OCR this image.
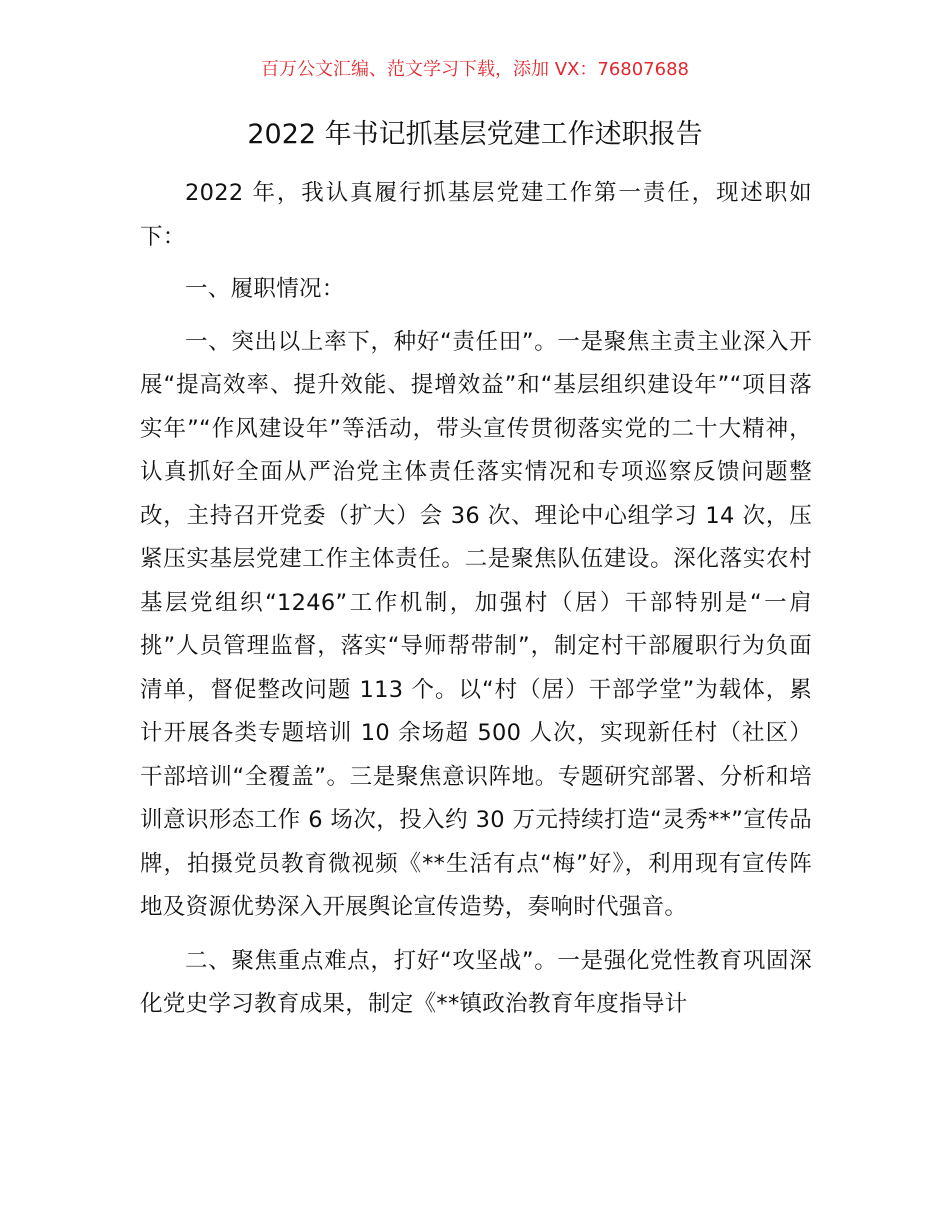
百万公文汇编、范文学习下载，添加 VX：76807688
2022 年书记抓基层党建工作述职报告

2022 年，我认真履行抓基层党建工作第一责任，现述职如下：

一、履职情况：

一、突出以上率下，种好“责任田”。一是聚焦主责主业深入开展“提高效率、提升效能、提增效益”和“基层组织建设年”“项目落实年”“作风建设年”等活动，带头宣传贯彻落实党的二十大精神，认真抓好全面从严治党主体责任落实情况和专项巡察反馈问题整改，主持召开党委（扩大）会 36 次、理论中心组学习 14 次，压紧压实基层党建工作主体责任。二是聚焦队伍建设。深化落实农村基层党组织“1246”工作机制，加强村（居）干部特别是“一肩挑”人员管理监督，落实“导师帮带制”，制定村干部履职行为负面清单，督促整改问题 113 个。以“村（居）干部学堂”为载体，累计开展各类专题培训 10 余场超 500 人次，实现新任村（社区）干部培训“全覆盖”。三是聚焦意识阵地。专题研究部署、分析和培训意识形态工作 6 场次，投入约 30 万元持续打造“灵秀**”宣传品牌，拍摄党员教育微视频《**生活有点“梅”好》，利用现有宣传阵地及资源优势深入开展舆论宣传造势，奏响时代强音。

二、聚焦重点难点，打好“攻坚战”。一是强化党性教育巩固深化党史学习教育成果，制定《**镇政治教育年度指导计
